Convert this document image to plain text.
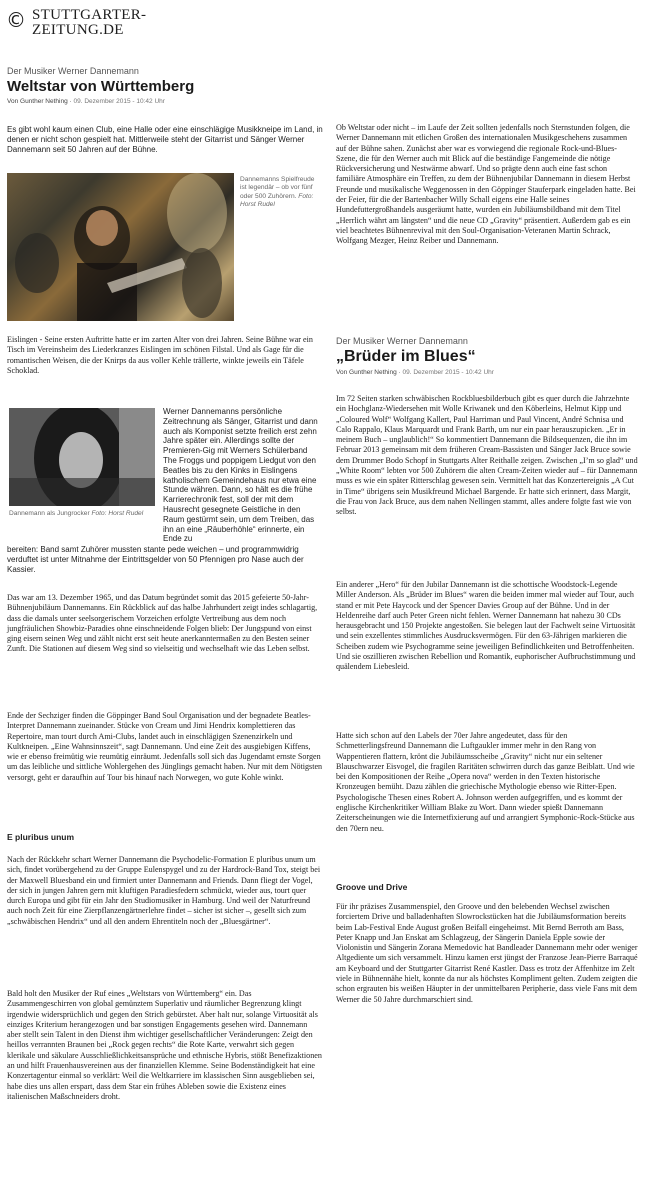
© STUTTGARTER-
ZEITUNG.DE
Der Musiker Werner Dannemann
Weltstar von Württemberg
Von Gunther Nething · 09. Dezember 2015 - 10:42 Uhr

Es gibt wohl kaum einen Club, eine Halle oder eine einschlägige Musikkneipe im Land, in denen er nicht schon gespielt hat. Mittlerweile steht der Gitarrist und Sänger Werner Dannemann seit 50 Jahren auf der Bühne.

Dannemanns Spielfreude ist legendär – ob vor fünf oder 500 Zuhörern. Foto: Horst Rudel

Eislingen - Seine ersten Auftritte hatte er im zarten Alter von drei Jahren. Seine Bühne war ein Tisch im Vereinsheim des Liederkranzes Eislingen im schönen Filstal. Und als Gage für die romantischen Weisen, die der Knirps da aus voller Kehle trällerte, winkte jeweils ein Täfele Schoklad.

Dannemann als Jungrocker Foto: Horst Rudel

Werner Dannemanns persönliche Zeitrechnung als Sänger, Gitarrist und dann auch als Komponist setzte freilich erst zehn Jahre später ein. Allerdings sollte der Premieren-Gig mit Werners Schülerband The Froggs und poppigem Liedgut von den Beatles bis zu den Kinks in Eislingens katholischem Gemeindehaus nur etwa eine Stunde währen. Dann, so hält es die frühe Karrierechronik fest, soll der mit dem Hausrecht gesegnete Geistliche in den Raum gestürmt sein, um dem Treiben, das ihn an eine „Räuberhöhle“ erinnerte, ein Ende zu

bereiten: Band samt Zuhörer mussten stante pede weichen – und programmwidrig verduftet ist unter Mitnahme der Eintrittsgelder von 50 Pfennigen pro Nase auch der Kassier.

Das war am 13. Dezember 1965, und das Datum begründet somit das 2015 gefeierte 50-Jahr-Bühnenjubiläum Dannemanns. Ein Rückblick auf das halbe Jahrhundert zeigt indes schlagartig, dass die damals unter seelsorgerischem Vorzeichen erfolgte Vertreibung aus dem noch jungfräulichen Showbiz-Paradies ohne einschneidende Folgen blieb: Der Jungspund von einst ging eisern seinen Weg und zählt nicht erst seit heute anerkanntermaßen zu den Besten seiner Zunft. Die Stationen auf diesem Weg sind so vielseitig und wechselhaft wie das Leben selbst.

Ende der Sechziger finden die Göppinger Band Soul Organisation und der begnadete Beatles-Interpret Dannemann zueinander. Stücke von Cream und Jimi Hendrix komplettieren das Repertoire, man tourt durch Ami-Clubs, landet auch in einschlägigen Szenenzirkeln und Kultkneipen. „Eine Wahnsinnszeit“, sagt Dannemann. Und eine Zeit des ausgiebigen Kiffens, wie er ebenso freimütig wie reumütig einräumt. Jedenfalls soll sich das Jugendamt ernste Sorgen um das leibliche und sittliche Wohlergehen des Jünglings gemacht haben. Nur mit dem Nötigsten versorgt, geht er daraufhin auf Tour bis hinauf nach Norwegen, wo gute Kohle winkt.

E pluribus unum

Nach der Rückkehr schart Werner Dannemann die Psychodelic-Formation E pluribus unum um sich, findet vorübergehend zu der Gruppe Eulenspygel und zu der Hardrock-Band Tox, steigt bei der Maxwell Bluesband ein und firmiert unter Dannemann and Friends. Dann fliegt der Vogel, der sich in jungen Jahren gern mit kluftigen Paradiesfedern schmückt, wieder aus, tourt quer durch Europa und gibt für ein Jahr den Studiomusiker in Hamburg. Und weil der Naturfreund auch noch Zeit für eine Zierpflanzengärtnerlehre findet – sicher ist sicher –, gesellt sich zum „schwäbischen Hendrix“ und all den andern Ehrentiteln noch der „Bluesgärtner“.

Bald holt den Musiker der Ruf eines „Weltstars von Württemberg“ ein. Das Zusammengeschirren von global gemünztem Superlativ und räumlicher Begrenzung klingt irgendwie widersprüchlich und gegen den Strich gebürstet. Aber halt nur, solange Virtuosität als einziges Kriterium herangezogen und bar sonstigen Engagements gesehen wird. Dannemann aber stellt sein Talent in den Dienst ihm wichtiger gesellschaftlicher Veränderungen: Zeigt den heillos verrannten Braunen bei „Rock gegen rechts“ die Rote Karte, verwahrt sich gegen klerikale und säkulare Ausschließlichkeitsansprüche und ethnische Hybris, stößt Benefizaktionen an und hilft Frauenhausvereinen aus der finanziellen Klemme. Seine Bodenständigkeit hat eine Konzertagentur einmal so verklärt: Weil die Weltkarriere im klassischen Sinn ausgeblieben sei, habe dies uns allen erspart, dass dem Star ein frühes Ableben sowie die Existenz eines italienischen Maßschneiders droht.

Ob Weltstar oder nicht – im Laufe der Zeit sollten jedenfalls noch Sternstunden folgen, die Werner Dannemann mit etlichen Großen des internationalen Musikgeschehens zusammen auf der Bühne sahen. Zunächst aber war es vorwiegend die regionale Rock-und-Blues-Szene, die für den Werner auch mit Blick auf die beständige Fangemeinde die nötige Rückversicherung und Nestwärme abwarf. Und so prägte denn auch eine fast schon familiäre Atmosphäre ein Treffen, zu dem der Bühnenjubilar Dannemann in diesem Herbst Freunde und musikalische Weggenossen in den Göppinger Stauferpark eingeladen hatte. Bei der Feier, für die der Bartenbacher Willy Schall eigens eine Halle seines Hundefuttergroßhandels ausgeräumt hatte, wurden ein Jubiläumsbildband mit dem Titel „Herrlich währt am längsten“ und die neue CD „Gravity“ präsentiert. Außerdem gab es ein viel beachtetes Bühnenrevival mit den Soul-Organisation-Veteranen Martin Schrack, Wolfgang Mezger, Heinz Reiber und Dannemann.

Der Musiker Werner Dannemann
„Brüder im Blues“
Von Gunther Nething · 09. Dezember 2015 - 10:42 Uhr

Im 72 Seiten starken schwäbischen Rockbluesbilderbuch gibt es quer durch die Jahrzehnte ein Hochglanz-Wiedersehen mit Wolle Kriwanek und den Köberleins, Helmut Kipp und „Coloured Wolf“ Wolfgang Kallert, Paul Harriman und Paul Vincent, André Schnisa und Calo Rappalo, Klaus Marquardt und Frank Barth, um nur ein paar herauszupicken. „Er in meinem Buch – unglaublich!“ So kommentiert Dannemann die Bildsequenzen, die ihn im Februar 2013 gemeinsam mit dem früheren Cream-Bassisten und Sänger Jack Bruce sowie dem Drummer Bodo Schopf in Stuttgarts Alter Reithalle zeigen. Zwischen „I’m so glad“ und „White Room“ lebten vor 500 Zuhörern die alten Cream-Zeiten wieder auf – für Dannemann muss es wie ein später Ritterschlag gewesen sein. Vermittelt hat das Konzertereignis „A Cut in Time“ übrigens sein Musikfreund Michael Bargende. Er hatte sich erinnert, dass Margit, die Frau von Jack Bruce, aus dem nahen Nellingen stammt, alles andere folgte fast wie von selbst.

Ein anderer „Hero“ für den Jubilar Dannemann ist die schottische Woodstock-Legende Miller Anderson. Als „Brüder im Blues“ waren die beiden immer mal wieder auf Tour, auch stand er mit Pete Haycock und der Spencer Davies Group auf der Bühne. Und in der Heldenreihe darf auch Peter Green nicht fehlen. Werner Dannemann hat nahezu 30 CDs herausgebracht und 150 Projekte angestoßen. Sie belegen laut der Fachwelt seine Virtuosität und sein exzellentes stimmliches Ausdrucksvermögen. Für den 63-Jährigen markieren die Scheiben zudem wie Psychogramme seine jeweiligen Befindlichkeiten und Betroffenheiten. Und sie oszillieren zwischen Rebellion und Romantik, euphorischer Aufbruchstimmung und quälendem Liebesleid.

Hatte sich schon auf den Labels der 70er Jahre angedeutet, dass für den Schmetterlingsfreund Dannemann die Luftgaukler immer mehr in den Rang von Wappentieren flattern, krönt die Jubiläumsscheibe „Gravity“ nicht nur ein seltener Blauschwarzer Eisvogel, die fragilen Raritäten schwirren durch das ganze Beiblatt. Und wie bei den Kompositionen der Reihe „Opera nova“ werden in den Texten historische Kronzeugen bemüht. Dazu zählen die griechische Mythologie ebenso wie Ritter-Epen. Psychologische Thesen eines Robert A. Johnson werden aufgegriffen, und es kommt der englische Kirchenkritiker William Blake zu Wort. Dann wieder spießt Dannemann Zeiterscheinungen wie die Internetfixierung auf und arrangiert Symphonic-Rock-Stücke aus den 70ern neu.

Groove und Drive

Für ihr präzises Zusammenspiel, den Groove und den belebenden Wechsel zwischen forciertem Drive und balladenhaften Slowrockstücken hat die Jubiläumsformation bereits beim Lab-Festival Ende August großen Beifall eingeheimst. Mit Bernd Berroth am Bass, Peter Knapp und Jan Enskat am Schlagzeug, der Sängerin Daniela Epple sowie der Violonistin und Sängerin Zorana Memedovic hat Bandleader Dannemann mehr oder weniger Altgediente um sich versammelt. Hinzu kamen erst jüngst der Franzose Jean-Pierre Barraqué am Keyboard und der Stuttgarter Gitarrist René Kastler. Dass es trotz der Affenhitze im Zelt viele in Bühnennähe hielt, konnte da nur als höchstes Kompliment gelten. Zudem zeigten die schon ergrauten bis weißen Häupter in der unmittelbaren Peripherie, dass viele Fans mit dem Werner die 50 Jahre durchmarschiert sind.
